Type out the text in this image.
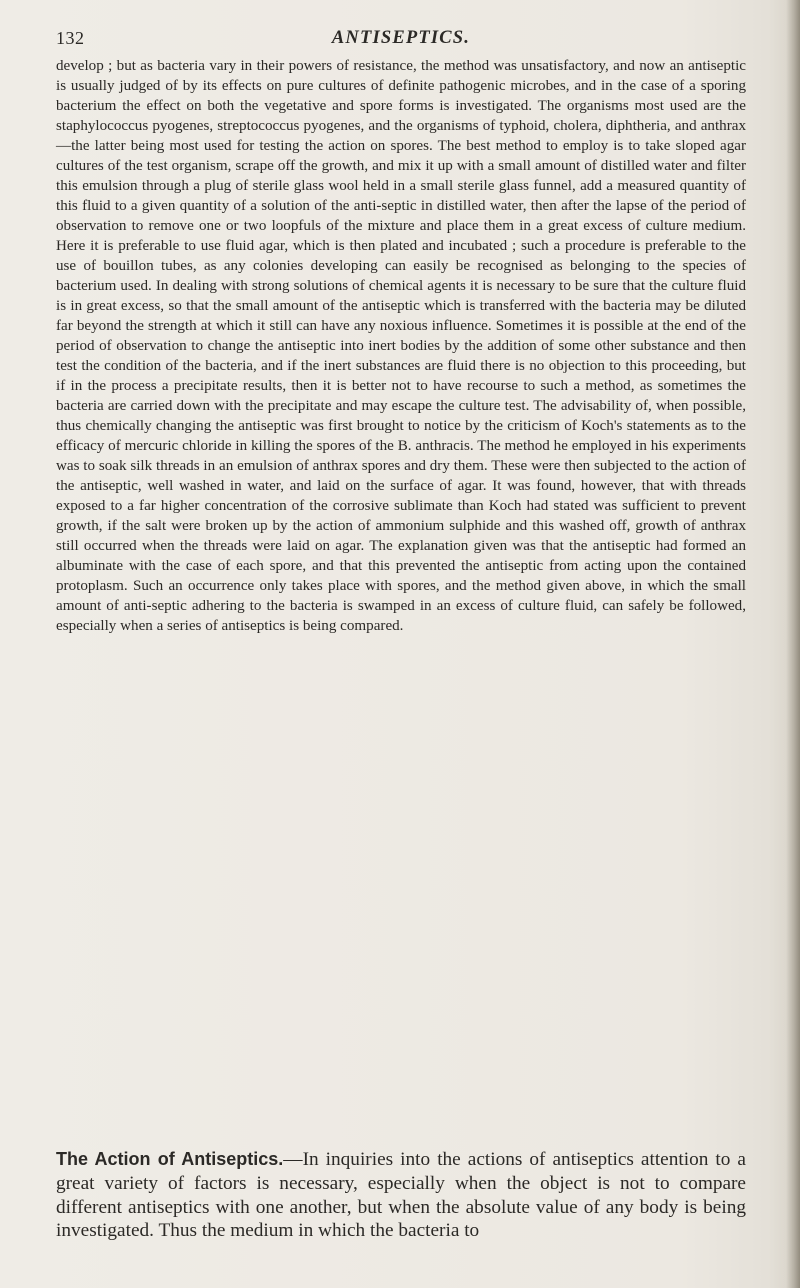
132	ANTISEPTICS.

develop ; but as bacteria vary in their powers of resistance, the method was unsatisfactory, and now an antiseptic is usually judged of by its effects on pure cultures of definite pathogenic microbes, and in the case of a sporing bacterium the effect on both the vegetative and spore forms is investigated. The organisms most used are the staphylococcus pyogenes, streptococcus pyogenes, and the organisms of typhoid, cholera, diphtheria, and anthrax—the latter being most used for testing the action on spores. The best method to employ is to take sloped agar cultures of the test organism, scrape off the growth, and mix it up with a small amount of distilled water and filter this emulsion through a plug of sterile glass wool held in a small sterile glass funnel, add a measured quantity of this fluid to a given quantity of a solution of the anti-septic in distilled water, then after the lapse of the period of observation to remove one or two loopfuls of the mixture and place them in a great excess of culture medium. Here it is preferable to use fluid agar, which is then plated and incubated ; such a procedure is preferable to the use of bouillon tubes, as any colonies developing can easily be recognised as belonging to the species of bacterium used. In dealing with strong solutions of chemical agents it is necessary to be sure that the culture fluid is in great excess, so that the small amount of the antiseptic which is transferred with the bacteria may be diluted far beyond the strength at which it still can have any noxious influence. Sometimes it is possible at the end of the period of observation to change the antiseptic into inert bodies by the addition of some other substance and then test the condition of the bacteria, and if the inert substances are fluid there is no objection to this proceeding, but if in the process a precipitate results, then it is better not to have recourse to such a method, as sometimes the bacteria are carried down with the precipitate and may escape the culture test. The advisability of, when possible, thus chemically changing the antiseptic was first brought to notice by the criticism of Koch's statements as to the efficacy of mercuric chloride in killing the spores of the B. anthracis. The method he employed in his experiments was to soak silk threads in an emulsion of anthrax spores and dry them. These were then subjected to the action of the antiseptic, well washed in water, and laid on the surface of agar. It was found, however, that with threads exposed to a far higher concentration of the corrosive sublimate than Koch had stated was sufficient to prevent growth, if the salt were broken up by the action of ammonium sulphide and this washed off, growth of anthrax still occurred when the threads were laid on agar. The explanation given was that the antiseptic had formed an albuminate with the case of each spore, and that this prevented the antiseptic from acting upon the contained protoplasm. Such an occurrence only takes place with spores, and the method given above, in which the small amount of anti-septic adhering to the bacteria is swamped in an excess of culture fluid, can safely be followed, especially when a series of antiseptics is being compared.

The Action of Antiseptics.—In inquiries into the actions of antiseptics attention to a great variety of factors is necessary, especially when the object is not to compare different antiseptics with one another, but when the absolute value of any body is being investigated. Thus the medium in which the bacteria to
